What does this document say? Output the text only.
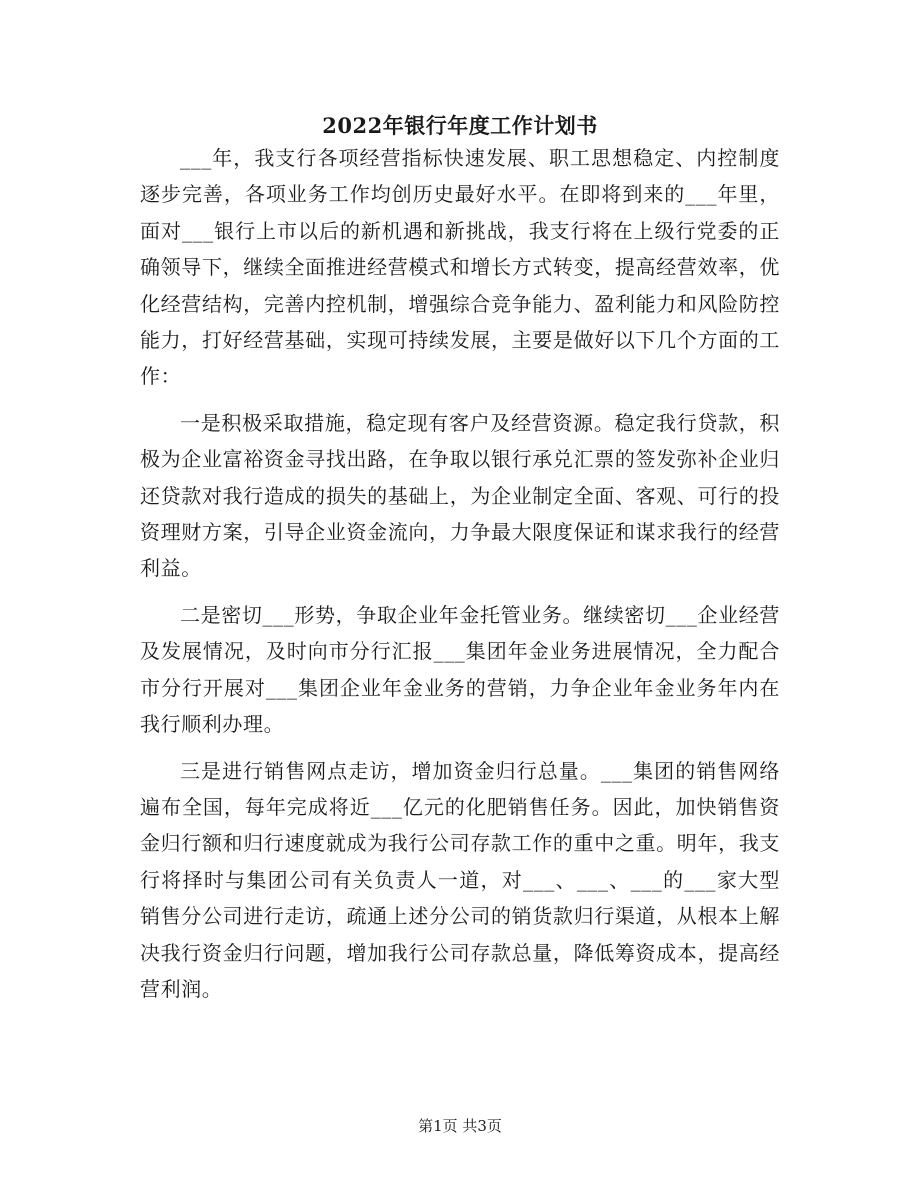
2022年银行年度工作计划书

___年，我支行各项经营指标快速发展、职工思想稳定、内控制度逐步完善，各项业务工作均创历史最好水平。在即将到来的___年里，面对___银行上市以后的新机遇和新挑战，我支行将在上级行党委的正确领导下，继续全面推进经营模式和增长方式转变，提高经营效率，优化经营结构，完善内控机制，增强综合竞争能力、盈利能力和风险防控能力，打好经营基础，实现可持续发展，主要是做好以下几个方面的工作：

一是积极采取措施，稳定现有客户及经营资源。稳定我行贷款，积极为企业富裕资金寻找出路，在争取以银行承兑汇票的签发弥补企业归还贷款对我行造成的损失的基础上，为企业制定全面、客观、可行的投资理财方案，引导企业资金流向，力争最大限度保证和谋求我行的经营利益。

二是密切___形势，争取企业年金托管业务。继续密切___企业经营及发展情况，及时向市分行汇报___集团年金业务进展情况，全力配合市分行开展对___集团企业年金业务的营销，力争企业年金业务年内在我行顺利办理。

三是进行销售网点走访，增加资金归行总量。___集团的销售网络遍布全国，每年完成将近___亿元的化肥销售任务。因此，加快销售资金归行额和归行速度就成为我行公司存款工作的重中之重。明年，我支行将择时与集团公司有关负责人一道，对___、___、___的___家大型销售分公司进行走访，疏通上述分公司的销货款归行渠道，从根本上解决我行资金归行问题，增加我行公司存款总量，降低筹资成本，提高经营利润。

第1页 共3页
